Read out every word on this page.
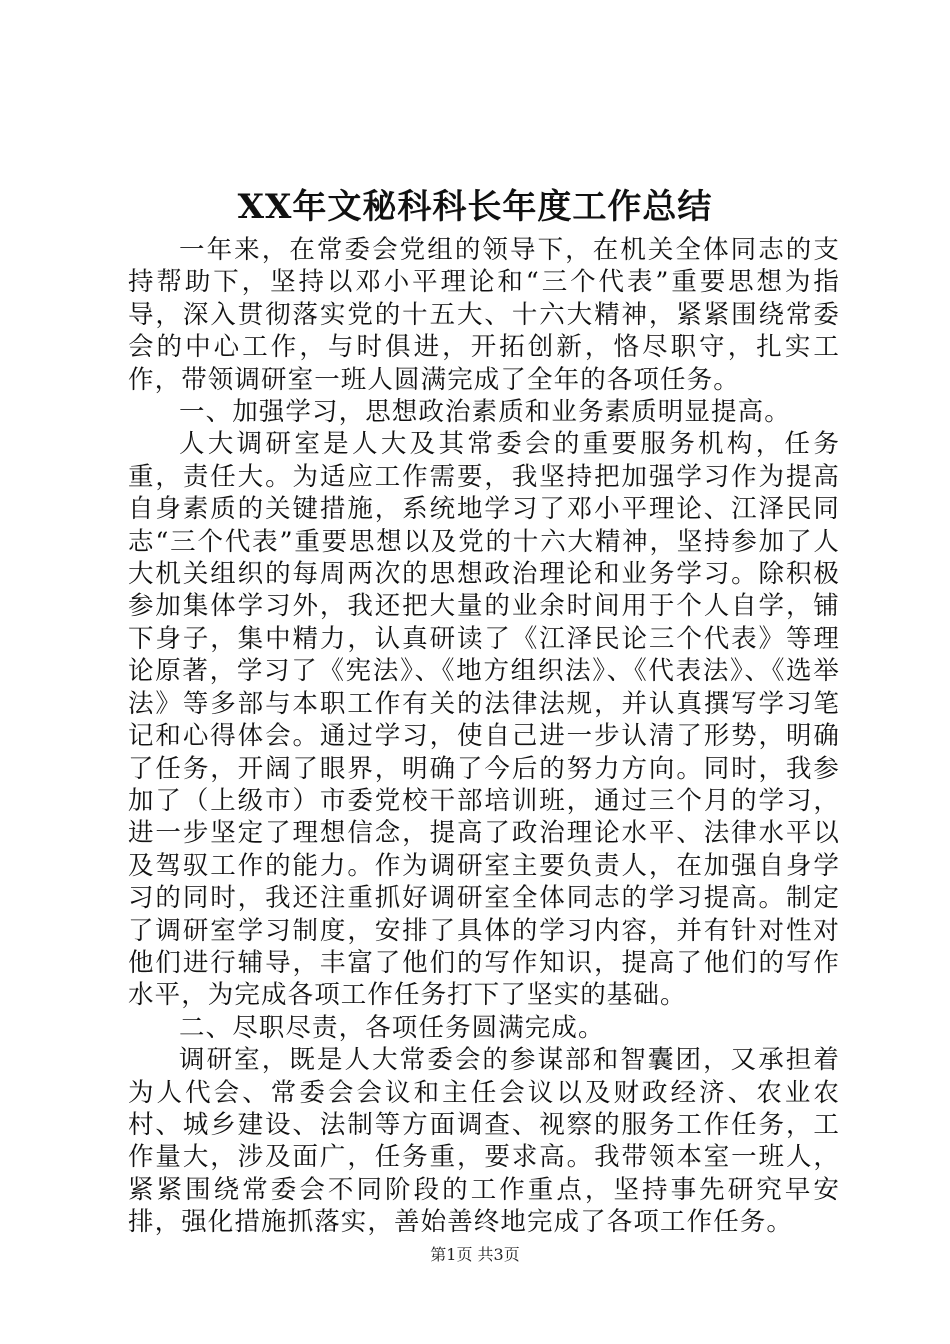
XX年文秘科科长年度工作总结

一年来，在常委会党组的领导下，在机关全体同志的支持帮助下，坚持以邓小平理论和“三个代表”重要思想为指导，深入贯彻落实党的十五大、十六大精神，紧紧围绕常委会的中心工作，与时俱进，开拓创新，恪尽职守，扎实工作，带领调研室一班人圆满完成了全年的各项任务。

一、加强学习，思想政治素质和业务素质明显提高。

人大调研室是人大及其常委会的重要服务机构，任务重，责任大。为适应工作需要，我坚持把加强学习作为提高自身素质的关键措施，系统地学习了邓小平理论、江泽民同志“三个代表”重要思想以及党的十六大精神，坚持参加了人大机关组织的每周两次的思想政治理论和业务学习。除积极参加集体学习外，我还把大量的业余时间用于个人自学，铺下身子，集中精力，认真研读了《江泽民论三个代表》等理论原著，学习了《宪法》、《地方组织法》、《代表法》、《选举法》等多部与本职工作有关的法律法规，并认真撰写学习笔记和心得体会。通过学习，使自己进一步认清了形势，明确了任务，开阔了眼界，明确了今后的努力方向。同时，我参加了（上级市）市委党校干部培训班，通过三个月的学习，进一步坚定了理想信念，提高了政治理论水平、法律水平以及驾驭工作的能力。作为调研室主要负责人，在加强自身学习的同时，我还注重抓好调研室全体同志的学习提高。制定了调研室学习制度，安排了具体的学习内容，并有针对性对他们进行辅导，丰富了他们的写作知识，提高了他们的写作水平，为完成各项工作任务打下了坚实的基础。

二、尽职尽责，各项任务圆满完成。

调研室，既是人大常委会的参谋部和智囊团，又承担着为人代会、常委会会议和主任会议以及财政经济、农业农村、城乡建设、法制等方面调查、视察的服务工作任务，工作量大，涉及面广，任务重，要求高。我带领本室一班人，紧紧围绕常委会不同阶段的工作重点，坚持事先研究早安排，强化措施抓落实，善始善终地完成了各项工作任务。

第1页 共3页
